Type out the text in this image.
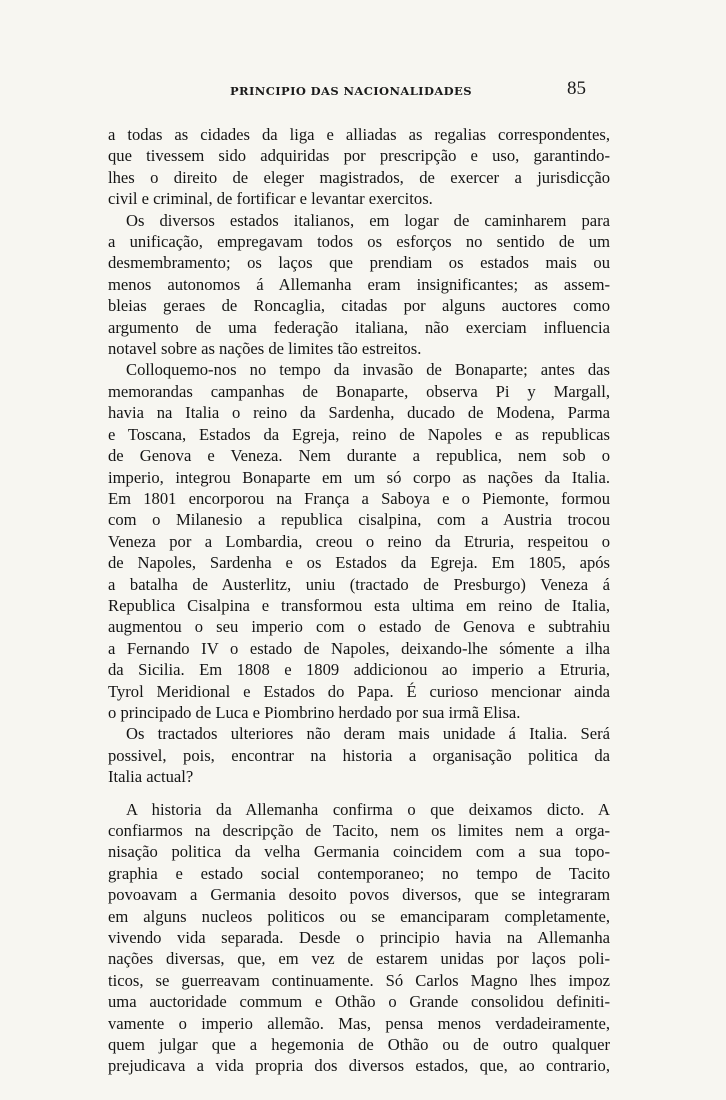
PRINCIPIO DAS NACIONALIDADES	85
a todas as cidades da liga e alliadas as regalias correspondentes,
que tivessem sido adquiridas por prescripção e uso, garantindo-
lhes o direito de eleger magistrados, de exercer a jurisdicção
civil e criminal, de fortificar e levantar exercitos.
Os diversos estados italianos, em logar de caminharem para
a unificação, empregavam todos os esforços no sentido de um
desmembramento; os laços que prendiam os estados mais ou
menos autonomos á Allemanha eram insignificantes; as assem-
bleias geraes de Roncaglia, citadas por alguns auctores como
argumento de uma federação italiana, não exerciam influencia
notavel sobre as nações de limites tão estreitos.
Colloquemo-nos no tempo da invasão de Bonaparte; antes das
memorandas campanhas de Bonaparte, observa Pi y Margall,
havia na Italia o reino da Sardenha, ducado de Modena, Parma
e Toscana, Estados da Egreja, reino de Napoles e as republicas
de Genova e Veneza. Nem durante a republica, nem sob o
imperio, integrou Bonaparte em um só corpo as nações da Italia.
Em 1801 encorporou na França a Saboya e o Piemonte, formou
com o Milanesio a republica cisalpina, com a Austria trocou
Veneza por a Lombardia, creou o reino da Etruria, respeitou o
de Napoles, Sardenha e os Estados da Egreja. Em 1805, após
a batalha de Austerlitz, uniu (tractado de Presburgo) Veneza á
Republica Cisalpina e transformou esta ultima em reino de Italia,
augmentou o seu imperio com o estado de Genova e subtrahiu
a Fernando IV o estado de Napoles, deixando-lhe sómente a ilha
da Sicilia. Em 1808 e 1809 addicionou ao imperio a Etruria,
Tyrol Meridional e Estados do Papa. É curioso mencionar ainda
o principado de Luca e Piombrino herdado por sua irmã Elisa.
Os tractados ulteriores não deram mais unidade á Italia. Será
possivel, pois, encontrar na historia a organisação politica da
Italia actual?
A historia da Allemanha confirma o que deixamos dicto. A
confiarmos na descripção de Tacito, nem os limites nem a orga-
nisação politica da velha Germania coincidem com a sua topo-
graphia e estado social contemporaneo; no tempo de Tacito
povoavam a Germania desoito povos diversos, que se integraram
em alguns nucleos politicos ou se emanciparam completamente,
vivendo vida separada. Desde o principio havia na Allemanha
nações diversas, que, em vez de estarem unidas por laços poli-
ticos, se guerreavam continuamente. Só Carlos Magno lhes impoz
uma auctoridade commum e Othão o Grande consolidou definiti-
vamente o imperio allemão. Mas, pensa menos verdadeiramente,
quem julgar que a hegemonia de Othão ou de outro qualquer
prejudicava a vida propria dos diversos estados, que, ao contrario,
